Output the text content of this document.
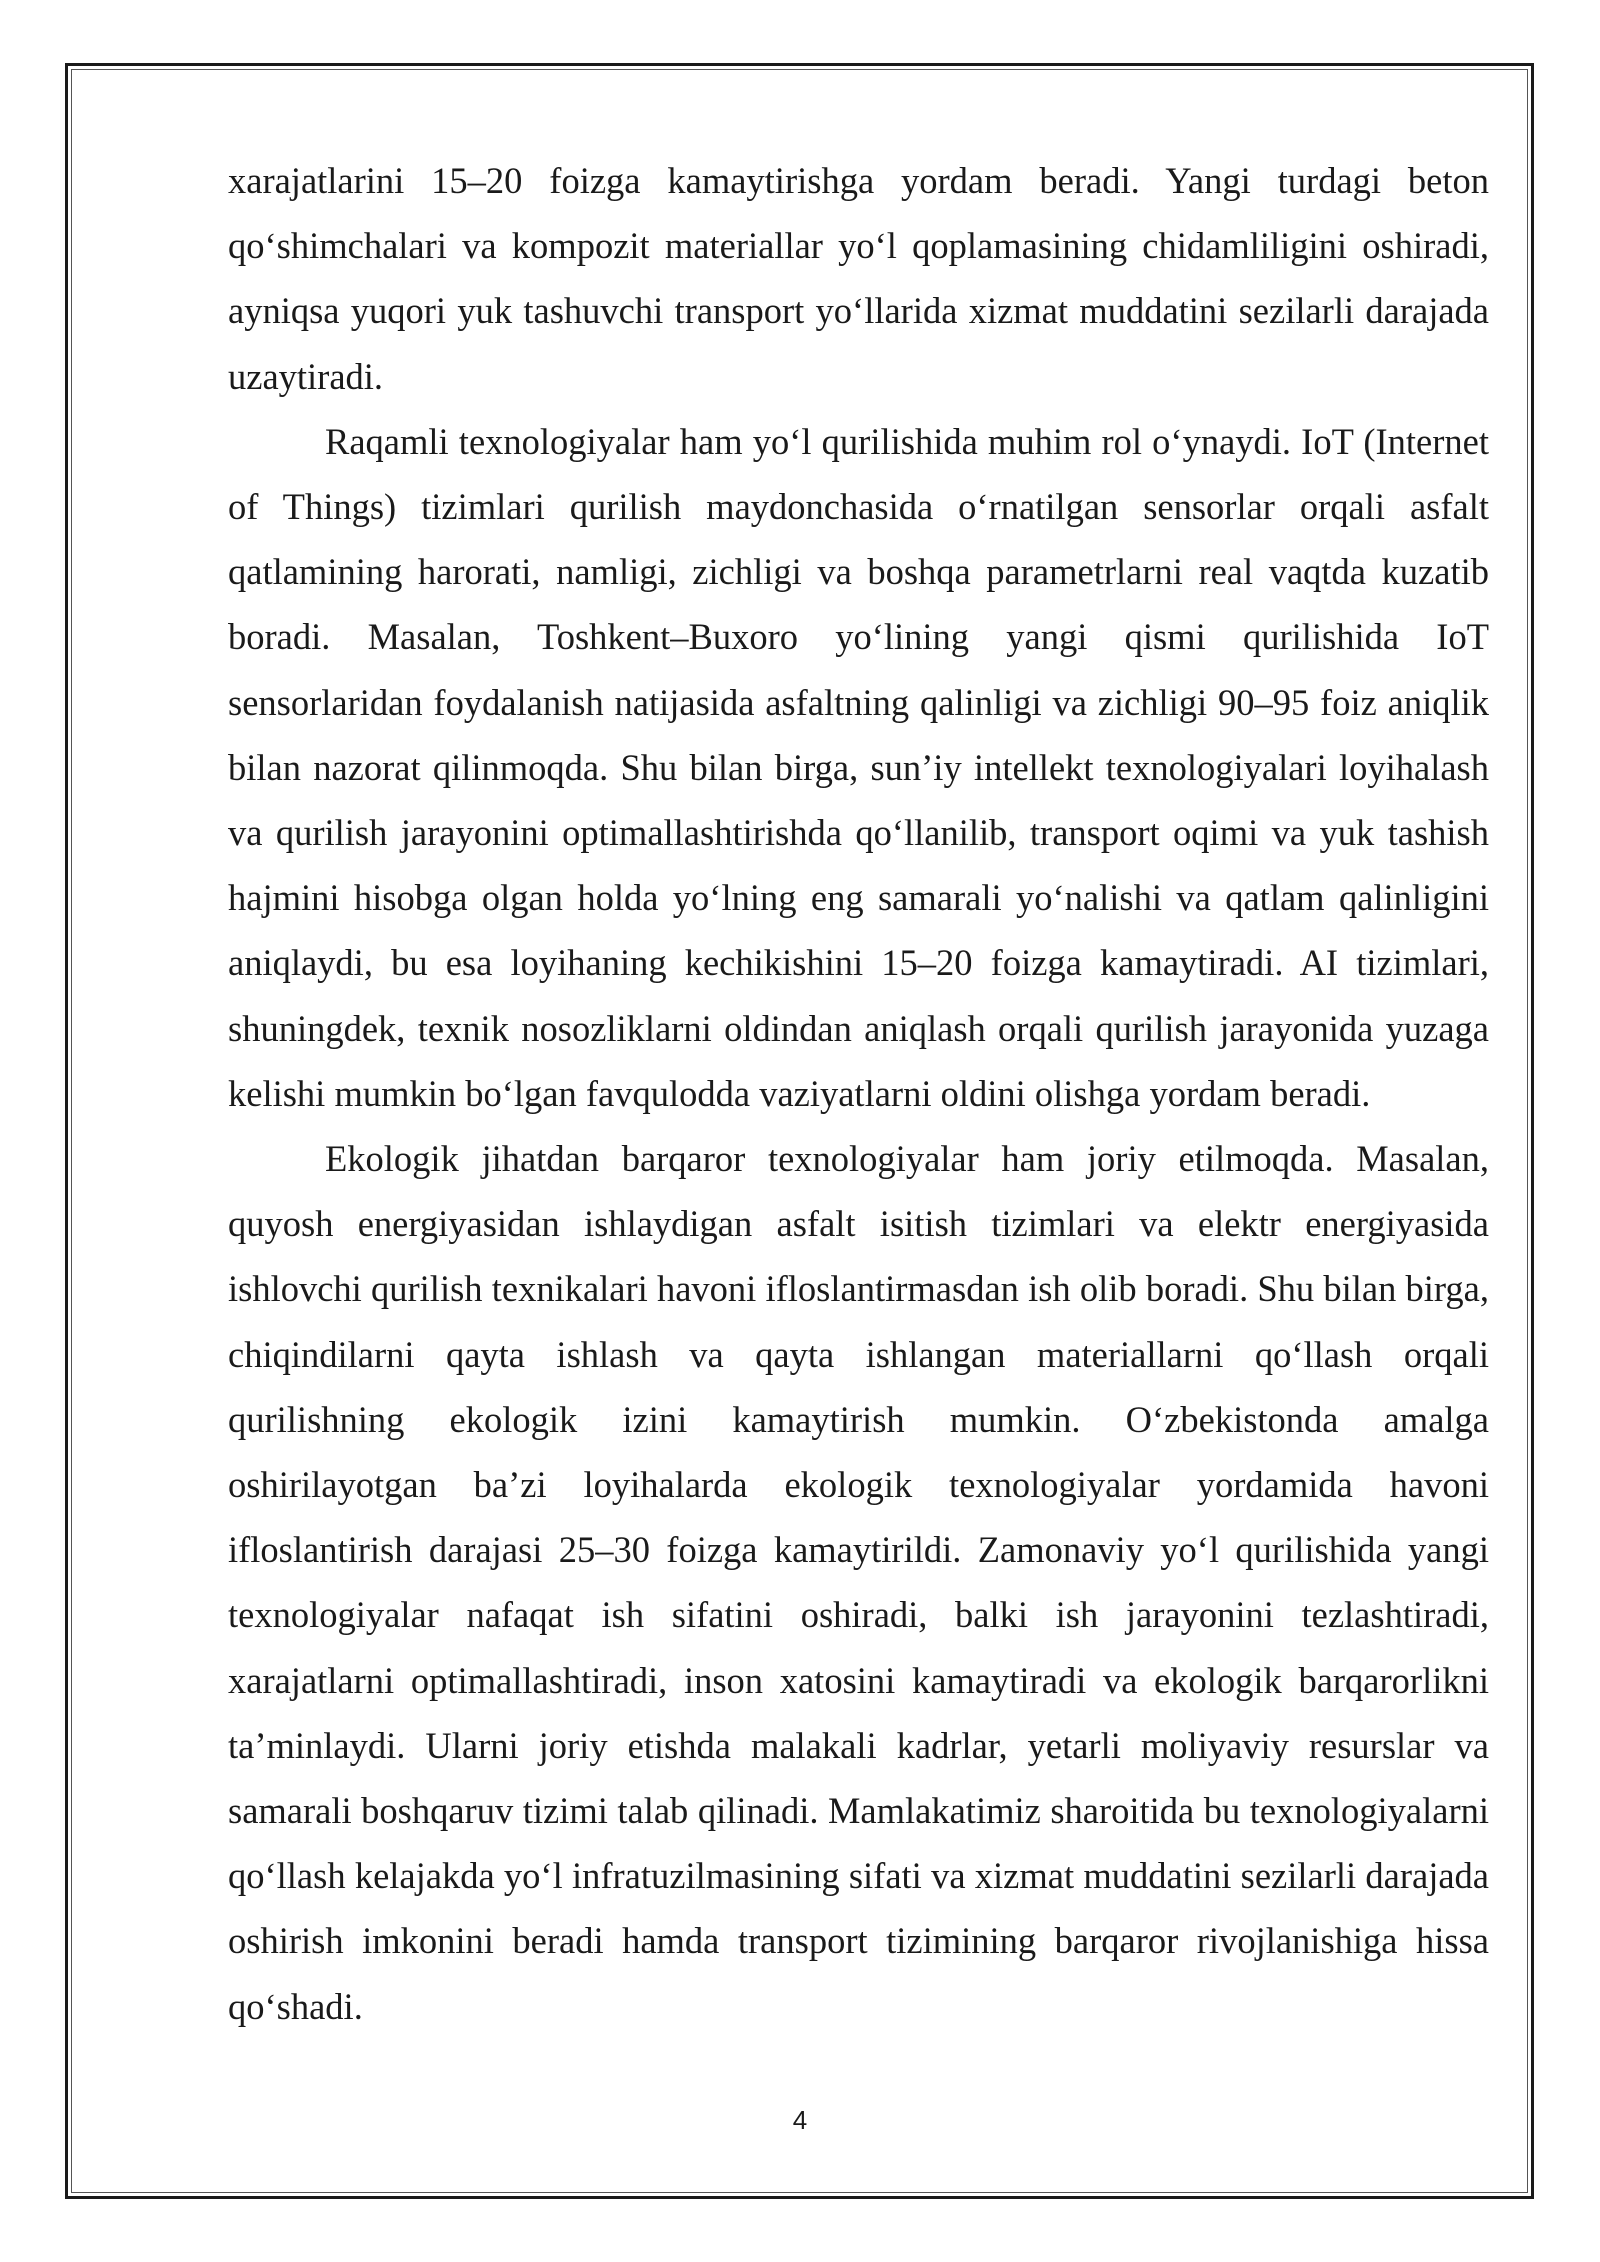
xarajatlarini 15–20 foizga kamaytirishga yordam beradi. Yangi turdagi beton qo‘shimchalari va kompozit materiallar yo‘l qoplamasining chidamliligini oshiradi, ayniqsa yuqori yuk tashuvchi transport yo‘llarida xizmat muddatini sezilarli darajada uzaytiradi.

Raqamli texnologiyalar ham yo‘l qurilishida muhim rol o‘ynaydi. IoT (Internet of Things) tizimlari qurilish maydonchasida o‘rnatilgan sensorlar orqali asfalt qatlamining harorati, namligi, zichligi va boshqa parametrlarni real vaqtda kuzatib boradi. Masalan, Toshkent–Buxoro yo‘lining yangi qismi qurilishida IoT sensorlaridan foydalanish natijasida asfaltning qalinligi va zichligi 90–95 foiz aniqlik bilan nazorat qilinmoqda. Shu bilan birga, sun’iy intellekt texnologiyalari loyihalash va qurilish jarayonini optimallashtirishda qo‘llanilib, transport oqimi va yuk tashish hajmini hisobga olgan holda yo‘lning eng samarali yo‘nalishi va qatlam qalinligini aniqlaydi, bu esa loyihaning kechikishini 15–20 foizga kamaytiradi. AI tizimlari, shuningdek, texnik nosozliklarni oldindan aniqlash orqali qurilish jarayonida yuzaga kelishi mumkin bo‘lgan favqulodda vaziyatlarni oldini olishga yordam beradi.

Ekologik jihatdan barqaror texnologiyalar ham joriy etilmoqda. Masalan, quyosh energiyasidan ishlaydigan asfalt isitish tizimlari va elektr energiyasida ishlovchi qurilish texnikalari havoni ifloslantirmasdan ish olib boradi. Shu bilan birga, chiqindilarni qayta ishlash va qayta ishlangan materiallarni qo‘llash orqali qurilishning ekologik izini kamaytirish mumkin. O‘zbekistonda amalga oshirilayotgan ba’zi loyihalarda ekologik texnologiyalar yordamida havoni ifloslantirish darajasi 25–30 foizga kamaytirildi. Zamonaviy yo‘l qurilishida yangi texnologiyalar nafaqat ish sifatini oshiradi, balki ish jarayonini tezlashtiradi, xarajatlarni optimallashtiradi, inson xatosini kamaytiradi va ekologik barqarorlikni ta’minlaydi. Ularni joriy etishda malakali kadrlar, yetarli moliyaviy resurslar va samarali boshqaruv tizimi talab qilinadi. Mamlakatimiz sharoitida bu texnologiyalarni qo‘llash kelajakda yo‘l infratuzilmasining sifati va xizmat muddatini sezilarli darajada oshirish imkonini beradi hamda transport tizimining barqaror rivojlanishiga hissa qo‘shadi.

4
